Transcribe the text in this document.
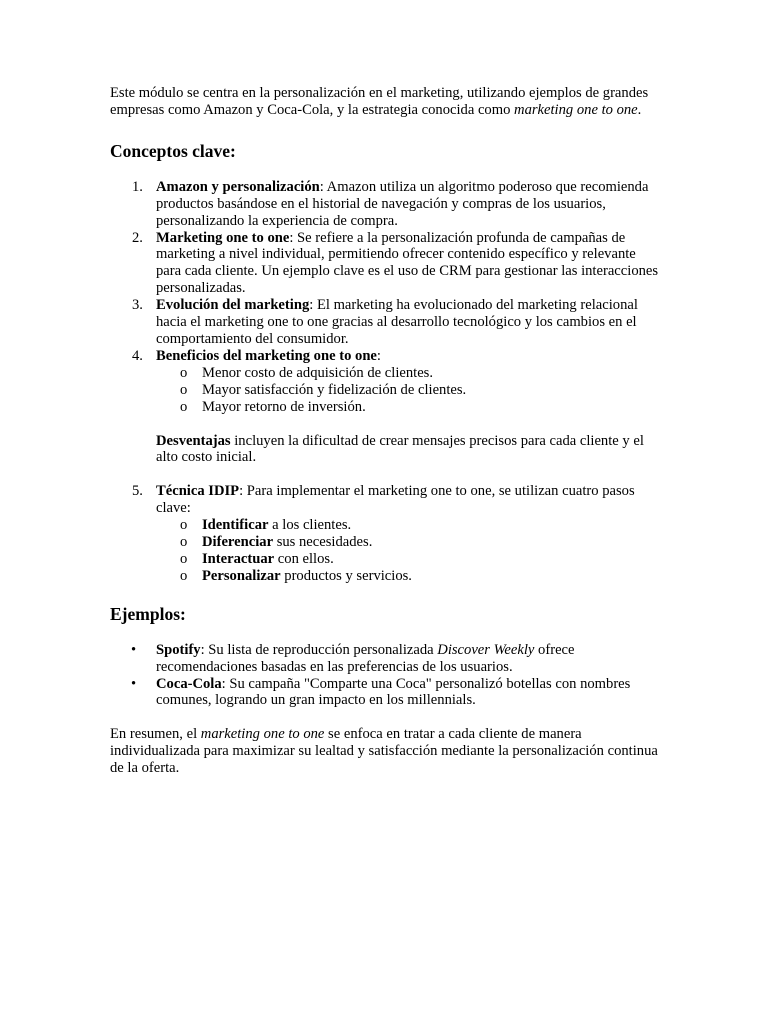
Este módulo se centra en la personalización en el marketing, utilizando ejemplos de grandes empresas como Amazon y Coca-Cola, y la estrategia conocida como marketing one to one.

Conceptos clave:
1. Amazon y personalización: Amazon utiliza un algoritmo poderoso que recomienda productos basándose en el historial de navegación y compras de los usuarios, personalizando la experiencia de compra.
2. Marketing one to one: Se refiere a la personalización profunda de campañas de marketing a nivel individual, permitiendo ofrecer contenido específico y relevante para cada cliente. Un ejemplo clave es el uso de CRM para gestionar las interacciones personalizadas.
3. Evolución del marketing: El marketing ha evolucionado del marketing relacional hacia el marketing one to one gracias al desarrollo tecnológico y los cambios en el comportamiento del consumidor.
4. Beneficios del marketing one to one:
o Menor costo de adquisición de clientes.
o Mayor satisfacción y fidelización de clientes.
o Mayor retorno de inversión.

Desventajas incluyen la dificultad de crear mensajes precisos para cada cliente y el alto costo inicial.

5. Técnica IDIP: Para implementar el marketing one to one, se utilizan cuatro pasos clave:
o Identificar a los clientes.
o Diferenciar sus necesidades.
o Interactuar con ellos.
o Personalizar productos y servicios.
Ejemplos:
• Spotify: Su lista de reproducción personalizada Discover Weekly ofrece recomendaciones basadas en las preferencias de los usuarios.
• Coca-Cola: Su campaña "Comparte una Coca" personalizó botellas con nombres comunes, logrando un gran impacto en los millennials.

En resumen, el marketing one to one se enfoca en tratar a cada cliente de manera individualizada para maximizar su lealtad y satisfacción mediante la personalización continua de la oferta.
